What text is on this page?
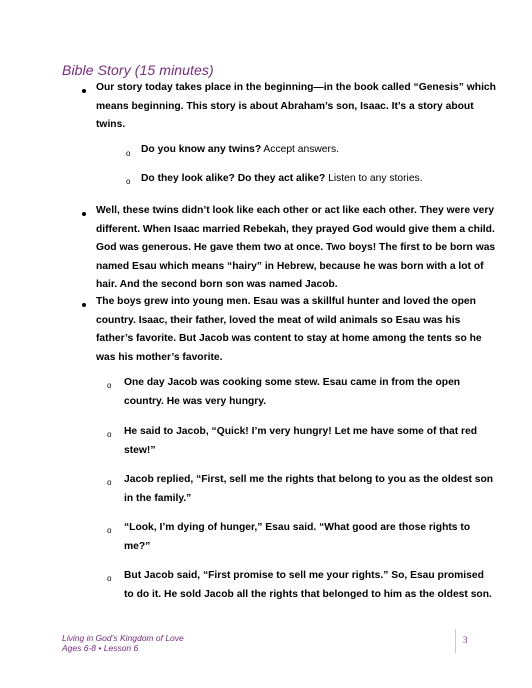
Bible Story (15 minutes)

Our story today takes place in the beginning—in the book called “Genesis” which
means beginning. This story is about Abraham’s son, Isaac. It’s a story about
twins.

o Do you know any twins? Accept answers.

o Do they look alike? Do they act alike? Listen to any stories.

Well, these twins didn’t look like each other or act like each other. They were very
different. When Isaac married Rebekah, they prayed God would give them a child.
God was generous. He gave them two at once. Two boys! The first to be born was
named Esau which means “hairy” in Hebrew, because he was born with a lot of
hair. And the second born son was named Jacob.

The boys grew into young men. Esau was a skillful hunter and loved the open
country. Isaac, their father, loved the meat of wild animals so Esau was his
father’s favorite. But Jacob was content to stay at home among the tents so he
was his mother’s favorite.

o One day Jacob was cooking some stew. Esau came in from the open
country. He was very hungry.

o He said to Jacob, “Quick! I’m very hungry! Let me have some of that red
stew!”

o Jacob replied, “First, sell me the rights that belong to you as the oldest son
in the family.”

o “Look, I’m dying of hunger,” Esau said. “What good are those rights to
me?”

o But Jacob said, “First promise to sell me your rights.” So, Esau promised
to do it. He sold Jacob all the rights that belonged to him as the oldest son.

Living in God’s Kingdom of Love

Ages 6-8 • Lesson 6

3
